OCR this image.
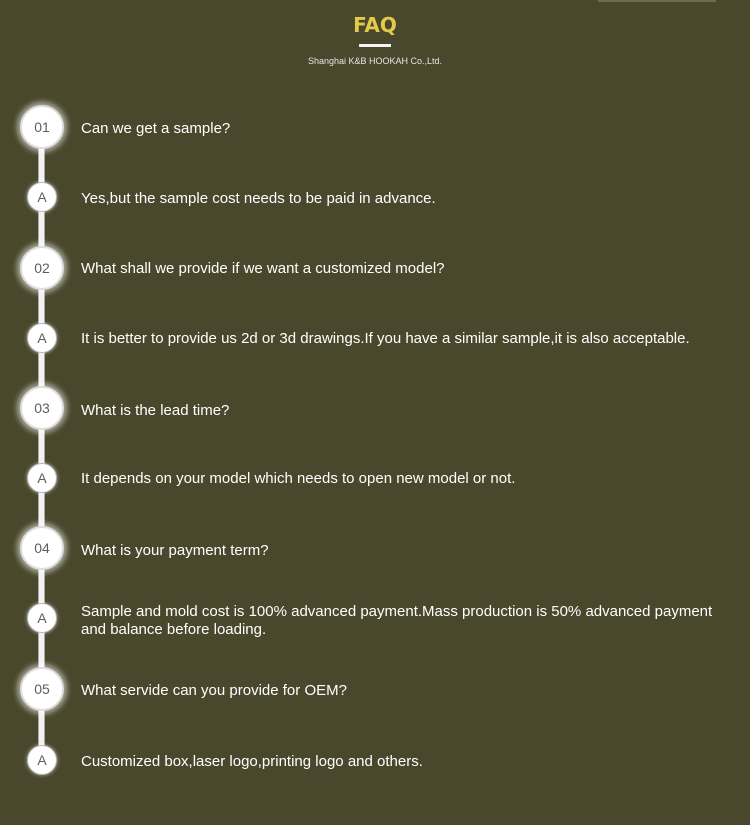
FAQ
Shanghai K&B HOOKAH Co.,Ltd.
01	Can we get a sample?
A	Yes,but the sample cost needs to be paid in advance.
02	What shall we provide if we want a customized model?
A	It is better to provide us 2d or 3d drawings.If you have a similar sample,it is also acceptable.
03	What is the lead time?
A	It depends on your model which needs to open new model or not.
04	What is your payment term?
A	Sample and mold cost is 100% advanced payment.Mass production is 50% advanced payment and balance before loading.
05	What servide can you provide for OEM?
A	Customized box,laser logo,printing logo and others.
